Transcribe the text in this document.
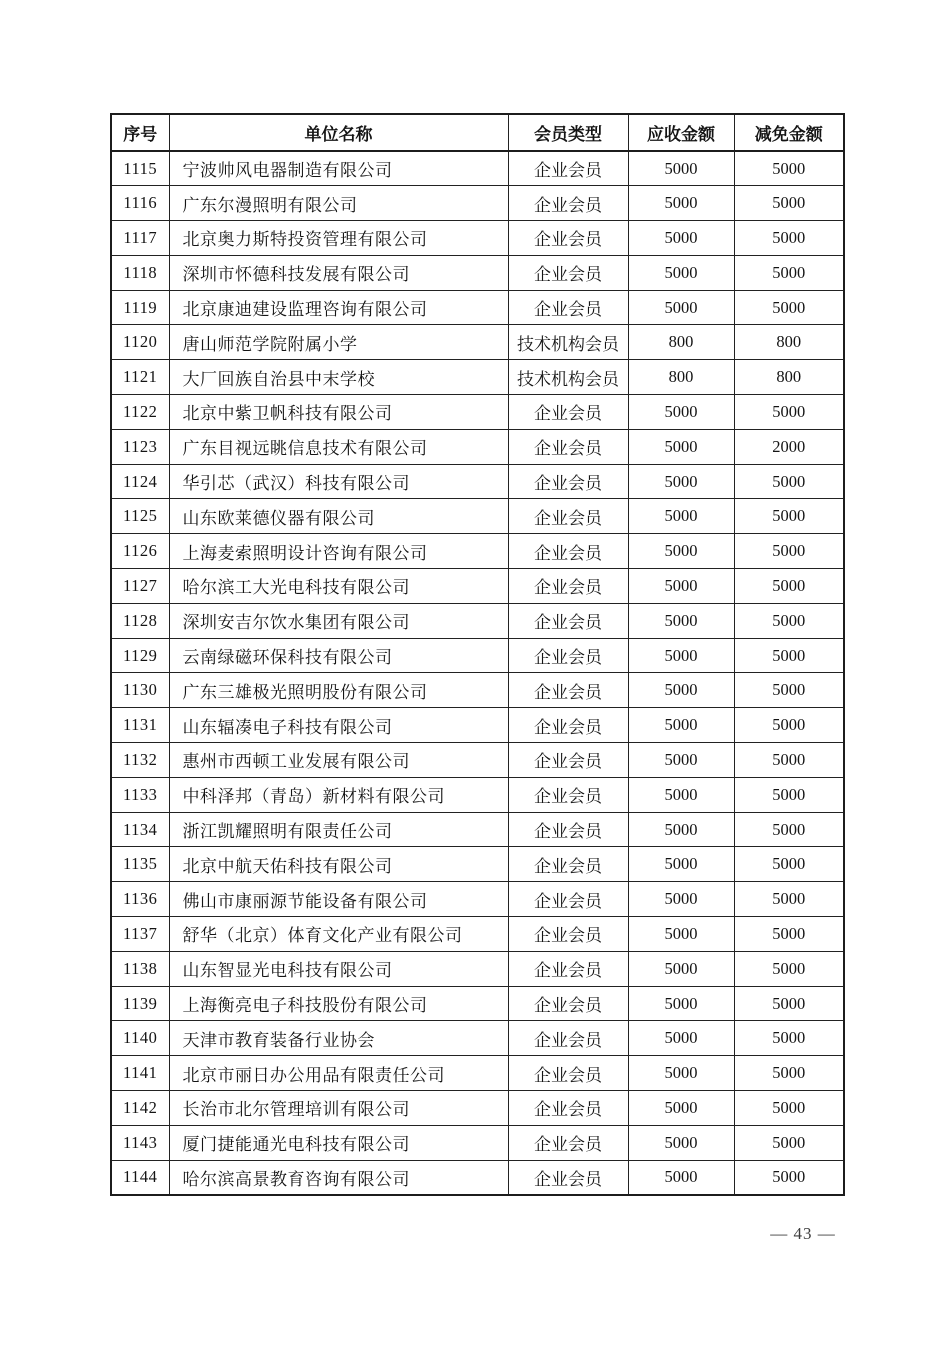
序号	单位名称	会员类型	应收金额	减免金额
1115	宁波帅风电器制造有限公司	企业会员	5000	5000
1116	广东尔漫照明有限公司	企业会员	5000	5000
1117	北京奥力斯特投资管理有限公司	企业会员	5000	5000
1118	深圳市怀德科技发展有限公司	企业会员	5000	5000
1119	北京康迪建设监理咨询有限公司	企业会员	5000	5000
1120	唐山师范学院附属小学	技术机构会员	800	800
1121	大厂回族自治县中末学校	技术机构会员	800	800
1122	北京中紫卫帆科技有限公司	企业会员	5000	5000
1123	广东目视远眺信息技术有限公司	企业会员	5000	2000
1124	华引芯（武汉）科技有限公司	企业会员	5000	5000
1125	山东欧莱德仪器有限公司	企业会员	5000	5000
1126	上海麦索照明设计咨询有限公司	企业会员	5000	5000
1127	哈尔滨工大光电科技有限公司	企业会员	5000	5000
1128	深圳安吉尔饮水集团有限公司	企业会员	5000	5000
1129	云南绿磁环保科技有限公司	企业会员	5000	5000
1130	广东三雄极光照明股份有限公司	企业会员	5000	5000
1131	山东辐凑电子科技有限公司	企业会员	5000	5000
1132	惠州市西顿工业发展有限公司	企业会员	5000	5000
1133	中科泽邦（青岛）新材料有限公司	企业会员	5000	5000
1134	浙江凯耀照明有限责任公司	企业会员	5000	5000
1135	北京中航天佑科技有限公司	企业会员	5000	5000
1136	佛山市康丽源节能设备有限公司	企业会员	5000	5000
1137	舒华（北京）体育文化产业有限公司	企业会员	5000	5000
1138	山东智显光电科技有限公司	企业会员	5000	5000
1139	上海衡亮电子科技股份有限公司	企业会员	5000	5000
1140	天津市教育装备行业协会	企业会员	5000	5000
1141	北京市丽日办公用品有限责任公司	企业会员	5000	5000
1142	长治市北尔管理培训有限公司	企业会员	5000	5000
1143	厦门捷能通光电科技有限公司	企业会员	5000	5000
1144	哈尔滨高景教育咨询有限公司	企业会员	5000	5000
— 43 —
